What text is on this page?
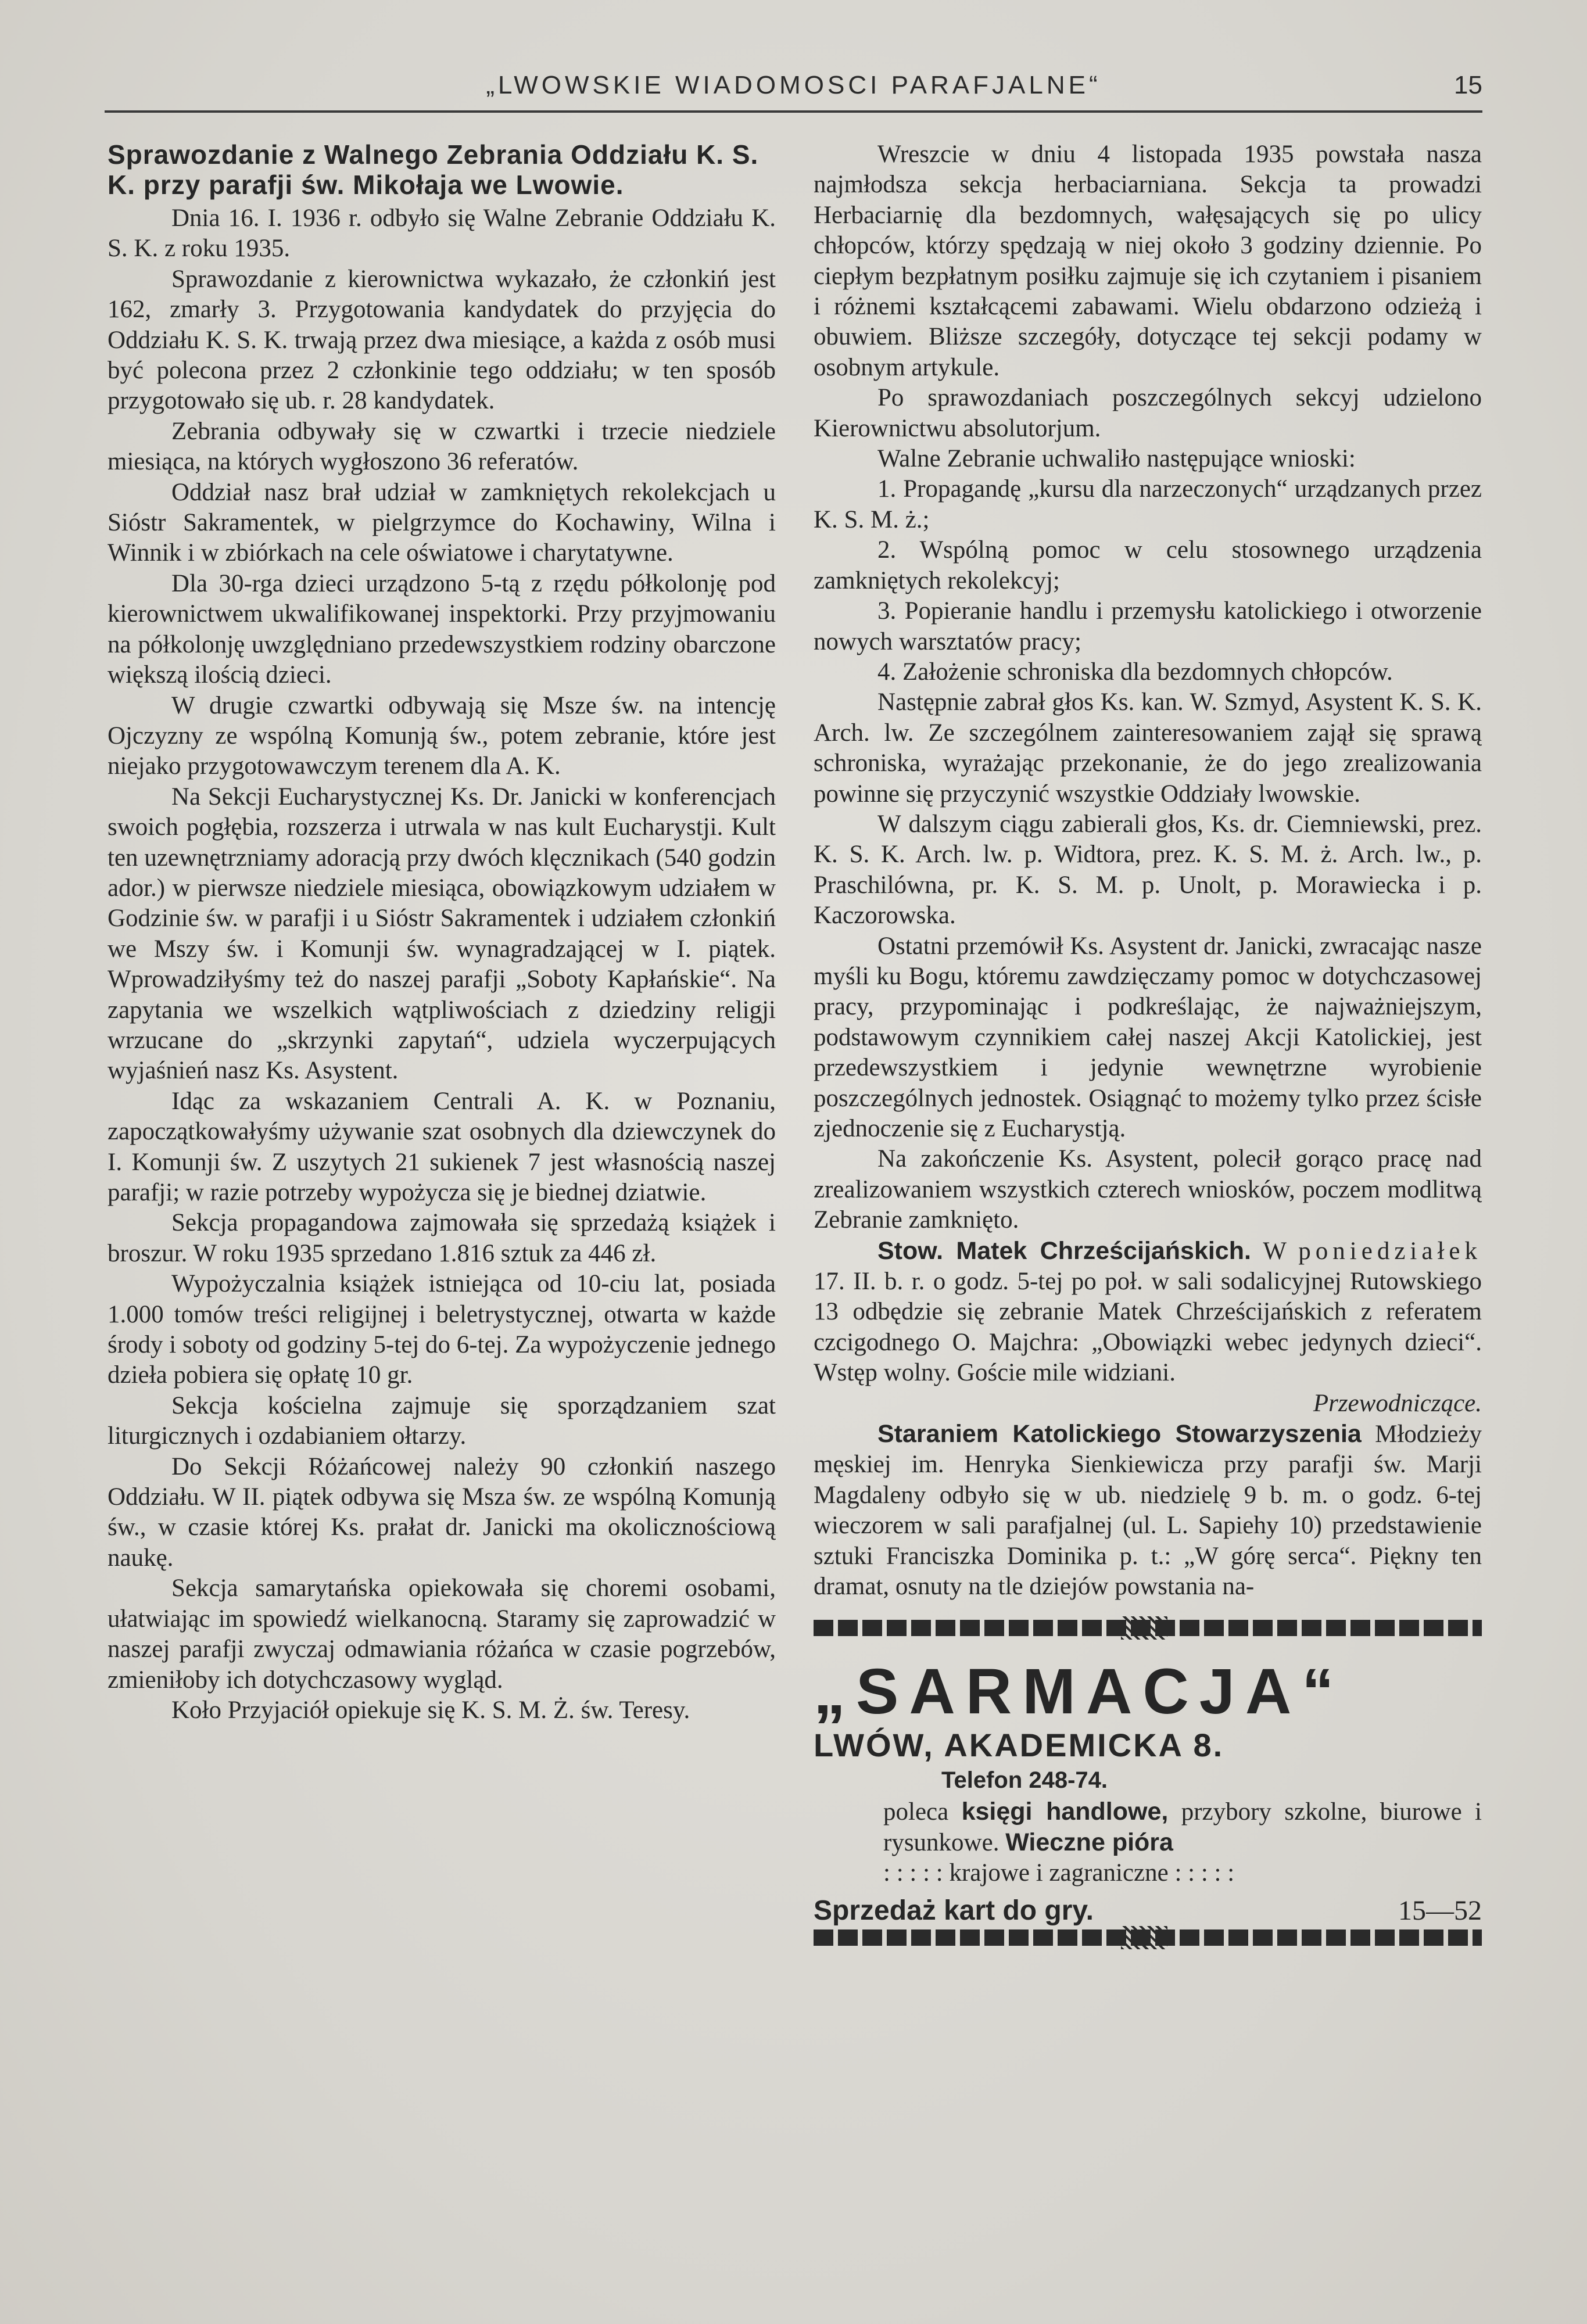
„LWOWSKIE WIADOMOSCI PARAFJALNE“	15
Sprawozdanie z Walnego Zebrania Oddziału K. S. K. przy parafji św. Mikołaja we Lwowie.

Dnia 16. I. 1936 r. odbyło się Walne Zebranie Oddziału K. S. K. z roku 1935.

Sprawozdanie z kierownictwa wykazało, że członkiń jest 162, zmarły 3. Przygotowania kandydatek do przyjęcia do Oddziału K. S. K. trwają przez dwa miesiące, a każda z osób musi być polecona przez 2 członkinie tego oddziału; w ten sposób przygotowało się ub. r. 28 kandydatek.

Zebrania odbywały się w czwartki i trzecie niedziele miesiąca, na których wygłoszono 36 referatów.

Oddział nasz brał udział w zamkniętych rekolekcjach u Sióstr Sakramentek, w pielgrzymce do Kochawiny, Wilna i Winnik i w zbiórkach na cele oświatowe i charytatywne.

Dla 30-rga dzieci urządzono 5-tą z rzędu półkolonję pod kierownictwem ukwalifikowanej inspektorki. Przy przyjmowaniu na półkolonję uwzględniano przedewszystkiem rodziny obarczone większą ilością dzieci.

W drugie czwartki odbywają się Msze św. na intencję Ojczyzny ze wspólną Komunją św., potem zebranie, które jest niejako przygotowawczym terenem dla A. K.

Na Sekcji Eucharystycznej Ks. Dr. Janicki w konferencjach swoich pogłębia, rozszerza i utrwala w nas kult Eucharystji. Kult ten uzewnętrzniamy adoracją przy dwóch klęcznikach (540 godzin ador.) w pierwsze niedziele miesiąca, obowiązkowym udziałem w Godzinie św. w parafji i u Sióstr Sakramentek i udziałem członkiń we Mszy św. i Komunji św. wynagradzającej w I. piątek. Wprowadziłyśmy też do naszej parafji „Soboty Kapłańskie“. Na zapytania we wszelkich wątpliwościach z dziedziny religji wrzucane do „skrzynki zapytań“, udziela wyczerpujących wyjaśnień nasz Ks. Asystent.

Idąc za wskazaniem Centrali A. K. w Poznaniu, zapoczątkowałyśmy używanie szat osobnych dla dziewczynek do I. Komunji św. Z uszytych 21 sukienek 7 jest własnością naszej parafji; w razie potrzeby wypożycza się je biednej dziatwie.

Sekcja propagandowa zajmowała się sprzedażą książek i broszur. W roku 1935 sprzedano 1.816 sztuk za 446 zł.

Wypożyczalnia książek istniejąca od 10-ciu lat, posiada 1.000 tomów treści religijnej i beletrystycznej, otwarta w każde środy i soboty od godziny 5-tej do 6-tej. Za wypożyczenie jednego dzieła pobiera się opłatę 10 gr.

Sekcja kościelna zajmuje się sporządzaniem szat liturgicznych i ozdabianiem ołtarzy.

Do Sekcji Różańcowej należy 90 członkiń naszego Oddziału. W II. piątek odbywa się Msza św. ze wspólną Komunją św., w czasie której Ks. prałat dr. Janicki ma okolicznościową naukę.

Sekcja samarytańska opiekowała się choremi osobami, ułatwiając im spowiedź wielkanocną. Staramy się zaprowadzić w naszej parafji zwyczaj odmawiania różańca w czasie pogrzebów, zmieniłoby ich dotychczasowy wygląd.

Koło Przyjaciół opiekuje się K. S. M. Ż. św. Teresy.

Wreszcie w dniu 4 listopada 1935 powstała nasza najmłodsza sekcja herbaciarniana. Sekcja ta prowadzi Herbaciarnię dla bezdomnych, wałęsających się po ulicy chłopców, którzy spędzają w niej około 3 godziny dziennie. Po ciepłym bezpłatnym posiłku zajmuje się ich czytaniem i pisaniem i różnemi kształcącemi zabawami. Wielu obdarzono odzieżą i obuwiem. Bliższe szczegóły, dotyczące tej sekcji podamy w osobnym artykule.

Po sprawozdaniach poszczególnych sekcyj udzielono Kierownictwu absolutorjum.

Walne Zebranie uchwaliło następujące wnioski:

1. Propagandę „kursu dla narzeczonych“ urządzanych przez K. S. M. ż.;

2. Wspólną pomoc w celu stosownego urządzenia zamkniętych rekolekcyj;

3. Popieranie handlu i przemysłu katolickiego i otworzenie nowych warsztatów pracy;

4. Założenie schroniska dla bezdomnych chłopców.

Następnie zabrał głos Ks. kan. W. Szmyd, Asystent K. S. K. Arch. lw. Ze szczególnem zainteresowaniem zajął się sprawą schroniska, wyrażając przekonanie, że do jego zrealizowania powinne się przyczynić wszystkie Oddziały lwowskie.

W dalszym ciągu zabierali głos, Ks. dr. Ciemniewski, prez. K. S. K. Arch. lw. p. Widtora, prez. K. S. M. ż. Arch. lw., p. Praschilówna, pr. K. S. M. p. Unolt, p. Morawiecka i p. Kaczorowska.

Ostatni przemówił Ks. Asystent dr. Janicki, zwracając nasze myśli ku Bogu, któremu zawdzięczamy pomoc w dotychczasowej pracy, przypominając i podkreślając, że najważniejszym, podstawowym czynnikiem całej naszej Akcji Katolickiej, jest przedewszystkiem i jedynie wewnętrzne wyrobienie poszczególnych jednostek. Osiągnąć to możemy tylko przez ścisłe zjednoczenie się z Eucharystją.

Na zakończenie Ks. Asystent, polecił gorąco pracę nad zrealizowaniem wszystkich czterech wniosków, poczem modlitwą Zebranie zamknięto.

Stow. Matek Chrześcijańskich. W poniedziałek 17. II. b. r. o godz. 5-tej po poł. w sali sodalicyjnej Rutowskiego 13 odbędzie się zebranie Matek Chrześcijańskich z referatem czcigodnego O. Majchra: „Obowiązki webec jedynych dzieci“. Wstęp wolny. Goście mile widziani.

Przewodniczące.

Staraniem Katolickiego Stowarzyszenia Młodzieży męskiej im. Henryka Sienkiewicza przy parafji św. Marji Magdaleny odbyło się w ub. niedzielę 9 b. m. o godz. 6-tej wieczorem w sali parafjalnej (ul. L. Sapiehy 10) przedstawienie sztuki Franciszka Dominika p. t.: „W górę serca“. Piękny ten dramat, osnuty na tle dziejów powstania na-

„SARMACJA“
LWÓW, AKADEMICKA 8.
Telefon 248-74.
poleca księgi handlowe, przybory szkolne, biurowe i rysunkowe. Wieczne pióra
: : : : : krajowe i zagraniczne : : : : :
Sprzedaż kart do gry.	15—52
